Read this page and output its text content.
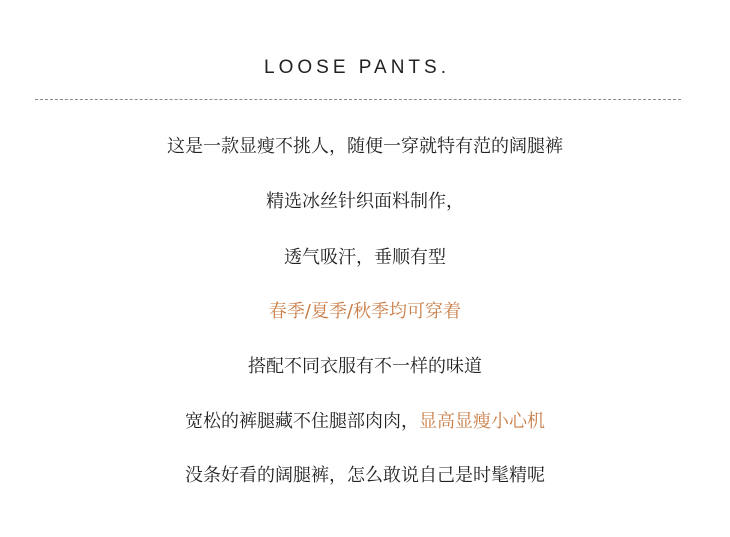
LOOSE PANTS.
这是一款显瘦不挑人，随便一穿就特有范的阔腿裤
精选冰丝针织面料制作，
透气吸汗，垂顺有型
春季/夏季/秋季均可穿着
搭配不同衣服有不一样的味道
宽松的裤腿藏不住腿部肉肉，显高显瘦小心机
没条好看的阔腿裤，怎么敢说自己是时髦精呢
